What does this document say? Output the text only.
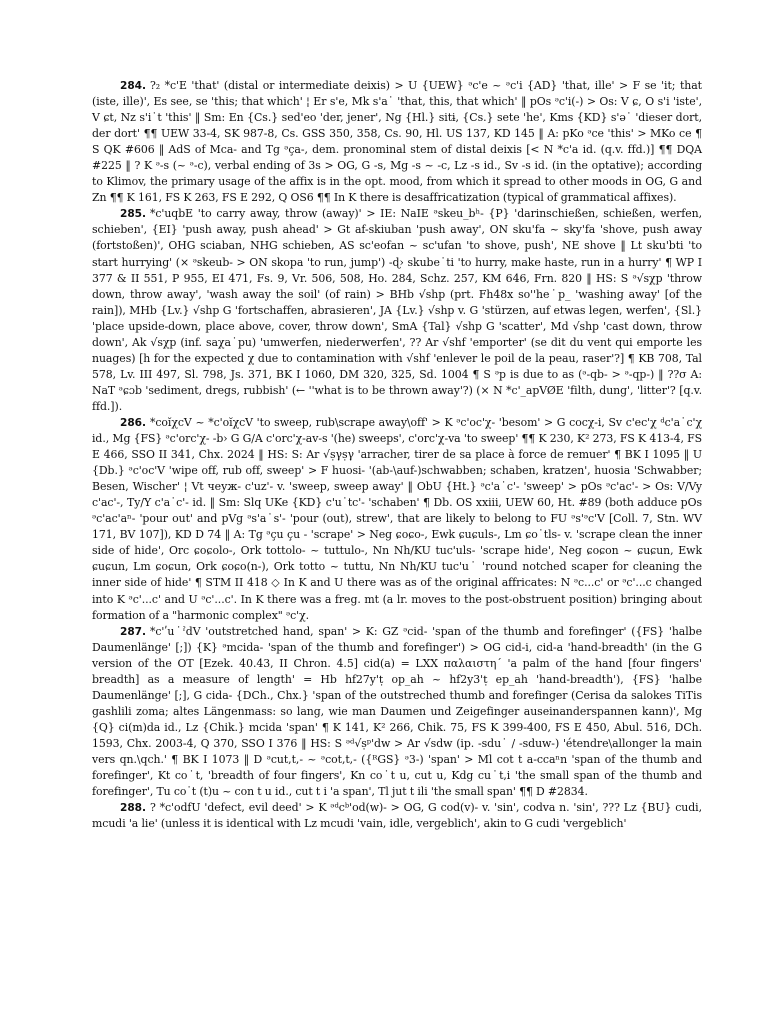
284. ?₂ *c'E 'that' (distal or intermediate deixis) > U {UEW} ᵊc'e ~ ᵊc'i {AD} 'that, ille' > F se 'it; that (iste, ille)', Es see, se 'this; that which' ¦ Er s'e, Mk s'a˙ 'that, this, that which' ‖ pOs ᵊc'i(-) > Os: V ɕ, O s'i 'iste', V ɕt, Nz s'i˙t 'this' ‖ Sm: En {Cs.} sed'eo 'der, jener', Ng {Hl.} sitɨ, {Cs.} sete 'he', Kms {KD} s'ə˙ 'dieser dort, der dort' ¶¶ UEW 33-4, SK 987-8, Cs. GSS 350, 358, Cs. 90, Hl. US 137, KD 145 ‖ A: pKo ᵊce 'this' > MKo ce ¶ S QK #606 ‖ AdS of Mca- and Tg ᵊça-, dem. pronominal stem of distal deixis [< N *c'a id. (q.v. ffd.)] ¶¶ DQA #225 ‖ ? K ᵊ-s (~ ᵊ-c), verbal ending of 3s > OG, G -s, Mg -s ~ -c, Lz -s id., Sv -s id. (in the optative); according to Klimov, the primary usage of the affix is in the opt. mood, from which it spread to other moods in OG, G and Zn ¶¶ K 161, FS K 263, FS E 292, Q OS6 ¶¶ In K there is desaffricatization (typical of grammatical affixes).

285. *c'uqbE 'to carry away, throw (away)' > IE: NaIE ᵊskeu_bʰ- {P} 'darinschießen, schießen, werfen, schieben', {EI} 'push away, push ahead' > Gt af-skiuban 'push away', ON sku'fa ~ sky'fa 'shove, push away (fortstoßen)', OHG sciaban, NHG schieben, AS sc'eofan ~ sc'ufan 'to shove, push', NE shove ‖ Lt sku'bti 'to start hurrying' (× ᵊskeub- > ON skopa 'to run, jump') -ɖ› skube˙ti 'to hurry, make haste, run in a hurry' ¶ WP I 377 & II 551, P 955, EI 471, Fs. 9, Vr. 506, 508, Ho. 284, Schz. 257, KM 646, Frn. 820 ‖ HS: S ᵊ√sχp 'throw down, throw away', 'wash away the soil' (of rain) > BHb √shp (prt. Fh48x so''he˙p_ 'washing away' [of the rain]), MHb {Lv.} √shp G 'fortschaffen, abrasieren', JA {Lv.} √shp v. G 'stürzen, auf etwas legen, werfen', {Sl.} 'place upside-down, place above, cover, throw down', SmA {Tal} √shp G 'scatter', Md √shp 'cast down, throw down', Ak √sχp (inf. saχa˙pu) 'umwerfen, niederwerfen', ?? Ar √shf 'emporter' (se dit du vent qui emporte les nuages) [h for the expected χ due to contamination with √shf 'enlever le poil de la peau, raser'?] ¶ KB 708, Tal 578, Lv. III 497, Sl. 798, Js. 371, BK I 1060, DM 320, 325, Sd. 1004 ¶ S ᵊp is due to as (ᵊ-qb- > ᵊ-qp-) ‖ ??σ A: NaT ᵊɕɔb 'sediment, dregs, rubbish' (← ''what is to be thrown away'?) (× N *c'_apVØE 'filth, dung', 'litter'? [q.v. ffd.]).

286. *coĭχcV ~ *c'oĭχcV 'to sweep, rub\scrape away\off' > K ᵊc'oc'χ- 'besom' > G cocχ-i, Sv c'ec'χ ᵈc'a˙c'χ id., Mg {FS} ᵊc'orc'χ- -b› G G/A c'orc'χ-av-s '(he) sweeps', c'orc'χ-va 'to sweep' ¶¶ K 230, K² 273, FS K 413-4, FS E 466, SSO II 341, Chx. 2024 ‖ HS: S: Ar √ṣγṣγ 'arracher, tirer de sa place à force de remuer' ¶ BK I 1095 ‖ U {Db.} ᵊc'oc'V 'wipe off, rub off, sweep' > F huosi- '(ab-\auf-)schwabben; schaben, kratzen', huosia 'Schwabber; Besen, Wischer' ¦ Vt чеуж- c'uz'- v. 'sweep, sweep away' ‖ ObU {Ht.} ᵊc'a˙c'- 'sweep' > pOs ᵊc'ac'- > Os: V/Vy c'ac'-, Ty/Y c'a˙c'- id. ‖ Sm: Slq UKe {KD} c'u˙tc'- 'schaben' ¶ Db. OS xxiii, UEW 60, Ht. #89 (both adduce pOs ᵊc'ac'aⁿ- 'pour out' and pVg ᵊs'a˙s'- 'pour (out), strew', that are likely to belong to FU ᵊs'ᵊc'V [Coll. 7, Stn. WV 171, BV 107]), KD D 74 ‖ A: Tg ᵊçu çu - 'scrape' > Neg ɕoɕo-, Ewk ɕuɕuls-, Lm ɕo˙tls- v. 'scrape clean the inner side of hide', Orc ɕoɕolo-, Ork tottolo- ~ tuttulo-, Nn Nh/KU tuc'uls- 'scrape hide', Neg ɕoɕon ~ ɕuɕun, Ewk ɕuɕun, Lm ɕoɕun, Ork ɕoɕo(n-), Ork totto ~ tuttu, Nn Nh/KU tuc'u˙ 'round notched scaper for cleaning the inner side of hide' ¶ STM II 418 ◇ In K and U there was as of the original affricates: N ᵊc...c' or ᵊc'...c changed into K ᵊc'...c' and U ᵊc'...c'. In K there was a freg. mt (a lr. moves to the post-obstruent position) bringing about formation of a "harmonic complex" ᵊc'χ.

287. *c'ʹu˙ˀdV 'outstretched hand, span' > K: GZ ᵊcid- 'span of the thumb and forefinger' ({FS} 'halbe Daumenlänge' [;]) {K} ᵊmcida- 'span of the thumb and forefinger') > OG cid-i, cid-a 'hand-breadth' (in the G version of the OT [Ezek. 40.43, II Chron. 4.5] cid(a) = LXX παλαιστη´ 'a palm of the hand [four fingers' breadth] as a measure of length' = Hb hf27y'ṭ op_ah ~ hf2y3'ṭ ep_ah 'hand-breadth'), {FS} 'halbe Daumenlänge' [;], G cida- {DCh., Chx.} 'span of the outstreched thumb and forefinger (Cerisa da salokes TiTis gashlili zoma; altes Längenmass: so lang, wie man Daumen und Zeigefinger auseinanderspannen kann)', Mg {Q} ci(m)da id., Lz {Chik.} mcida 'span' ¶ K 141, K² 266, Chik. 75, FS K 399-400, FS E 450, Abul. 516, DCh. 1593, Chx. 2003-4, Q 370, SSO I 376 ‖ HS: S ᵊᵈ√ṣᵖ'dw > Ar √sdw (ip. -sdu˙ / -sduw-) 'étendre\allonger la main vers qn.\qch.' ¶ BK I 1073 ‖ D ᵊcut,t,- ~ ᵊcot,t,- ({ᴿGS} ᵊ3-) 'span' > Ml cot t a-ccaⁿn 'span of the thumb and forefinger', Kt co˙t, 'breadth of four fingers', Kn co˙t u, cut u, Kdg cu˙t,i 'the small span of the thumb and forefinger', Tu co˙t (t)u ~ con t u id., cut t i 'a span', Tl jut t ili 'the small span' ¶¶ D #2834.

288. ? *c'odfU 'defect, evil deed' > K ᵊᵈcᵇ'od(w)- > OG, G cod(v)- v. 'sin', codva n. 'sin', ??? Lz {BU} cudi, mcudi 'a lie' (unless it is identical with Lz mcudi 'vain, idle, vergeblich', akin to G cudi 'vergeblich'
